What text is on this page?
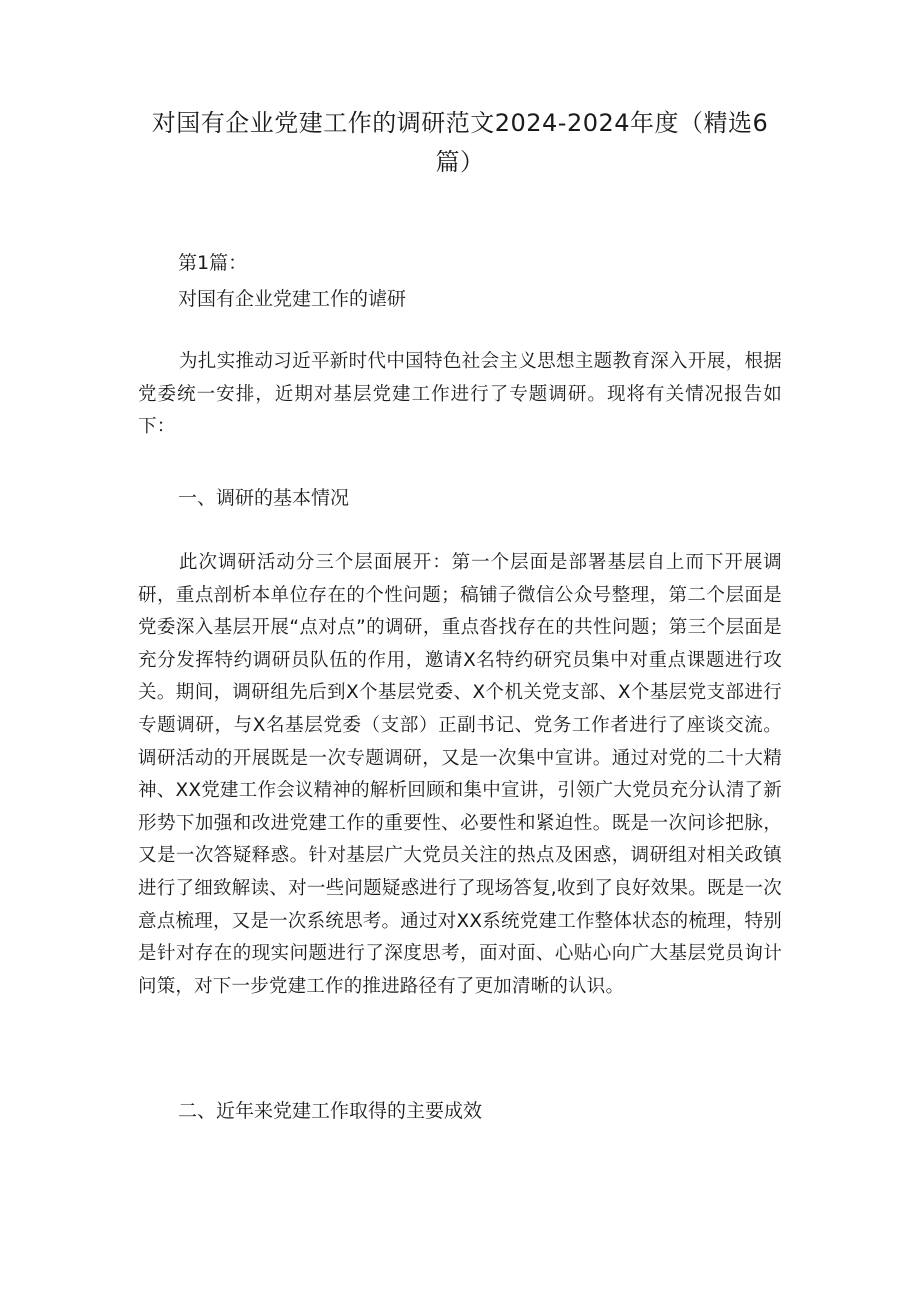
对国有企业党建工作的调研范文2024-2024年度（精选6篇）

第1篇：

对国有企业党建工作的谑研

为扎实推动习近平新时代中国特色社会主义思想主题教育深入开展，根据党委统一安排，近期对基层党建工作进行了专题调研。现将有关情况报告如下：

一、调研的基本情况

此次调研活动分三个层面展开：第一个层面是部署基层自上而下开展调研，重点剖析本单位存在的个性问题；稿铺子微信公众号整理，第二个层面是党委深入基层开展“点对点”的调研，重点沓找存在的共性问题；第三个层面是充分发挥特约调研员队伍的作用，邀请X名特约研究员集中对重点课题进行攻关。期间，调研组先后到X个基层党委、X个机关党支部、X个基层党支部进行专题调研，与X名基层党委（支部）正副书记、党务工作者进行了座谈交流。调研活动的开展既是一次专题调研，又是一次集中宣讲。通过对党的二十大精神、XX党建工作会议精神的解析回顾和集中宣讲，引领广大党员充分认清了新形势下加强和改进党建工作的重要性、必要性和紧迫性。既是一次问诊把脉，又是一次答疑释惑。针对基层广大党员关注的热点及困惑，调研组对相关政镇进行了细致解读、对一些问题疑惑进行了现场答复,收到了良好效果。既是一次意点梳理，又是一次系统思考。通过对XX系统党建工作整体状态的梳理，特别是针对存在的现实问题进行了深度思考，面对面、心贴心向广大基层党员询计问策，对下一步党建工作的推进路径有了更加清晰的认识。

二、近年来党建工作取得的主要成效
